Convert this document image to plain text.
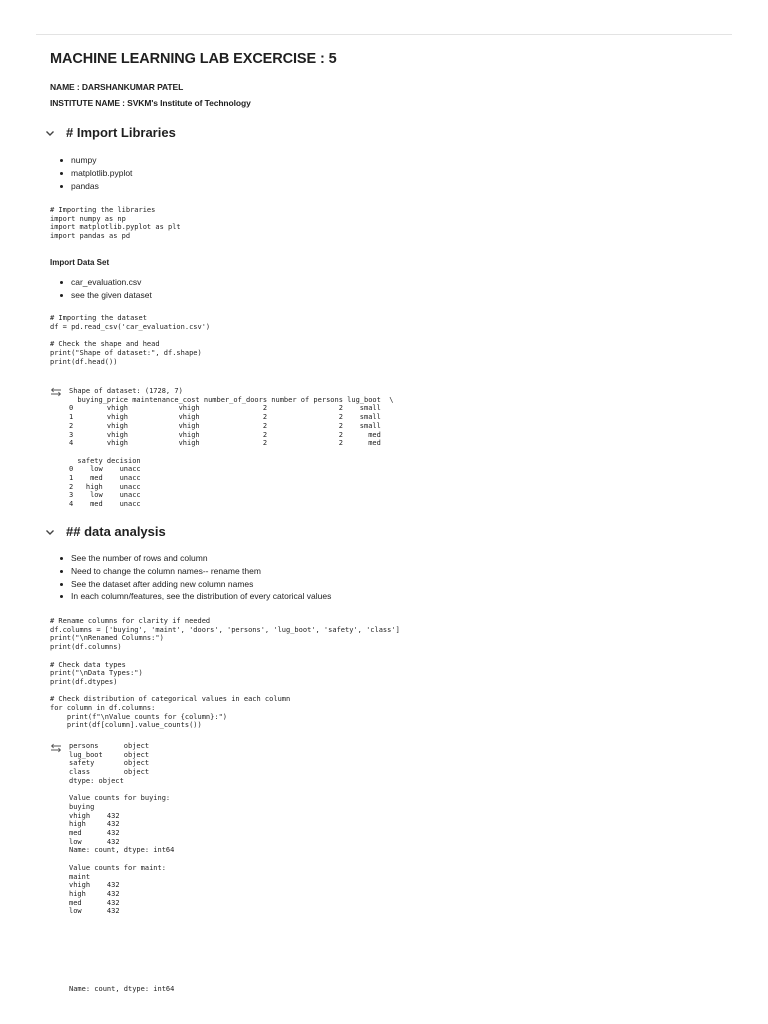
MACHINE LEARNING LAB EXCERCISE : 5

NAME : DARSHANKUMAR PATEL

INSTITUTE NAME : SVKM's Institute of Technology

# Import Libraries
numpy
matplotlib.pyplot
pandas
# Importing the libraries
import numpy as np
import matplotlib.pyplot as plt
import pandas as pd

Import Data Set

car_evaluation.csv
see the given dataset
# Importing the dataset
df = pd.read_csv('car_evaluation.csv')

# Check the shape and head
print("Shape of dataset:", df.shape)
print(df.head())
Shape of dataset: (1728, 7)
buying_price maintenance_cost number_of_doors number of persons lug_boot  \
0        vhigh            vhigh               2                 2    small
1        vhigh            vhigh               2                 2    small
2        vhigh            vhigh               2                 2    small
3        vhigh            vhigh               2                 2      med
4        vhigh            vhigh               2                 2      med

safety decision
0    low    unacc
1    med    unacc
2   high    unacc
3    low    unacc
4    med    unacc
## data analysis
See the number of rows and column
Need to change the column names-- rename them
See the dataset after adding new column names
In each column/features, see the distribution of every catorical values
# Rename columns for clarity if needed
df.columns = ['buying', 'maint', 'doors', 'persons', 'lug_boot', 'safety', 'class']
print("\nRenamed Columns:")
print(df.columns)

# Check data types
print("\nData Types:")
print(df.dtypes)

# Check distribution of categorical values in each column
for column in df.columns:
print(f"\nValue counts for {column}:")
print(df[column].value_counts())
persons      object
lug_boot     object
safety       object
class        object
dtype: object

Value counts for buying:
buying
vhigh    432
high     432
med      432
low      432
Name: count, dtype: int64

Value counts for maint:
maint
vhigh    432
high     432
med      432
low      432
Name: count, dtype: int64
